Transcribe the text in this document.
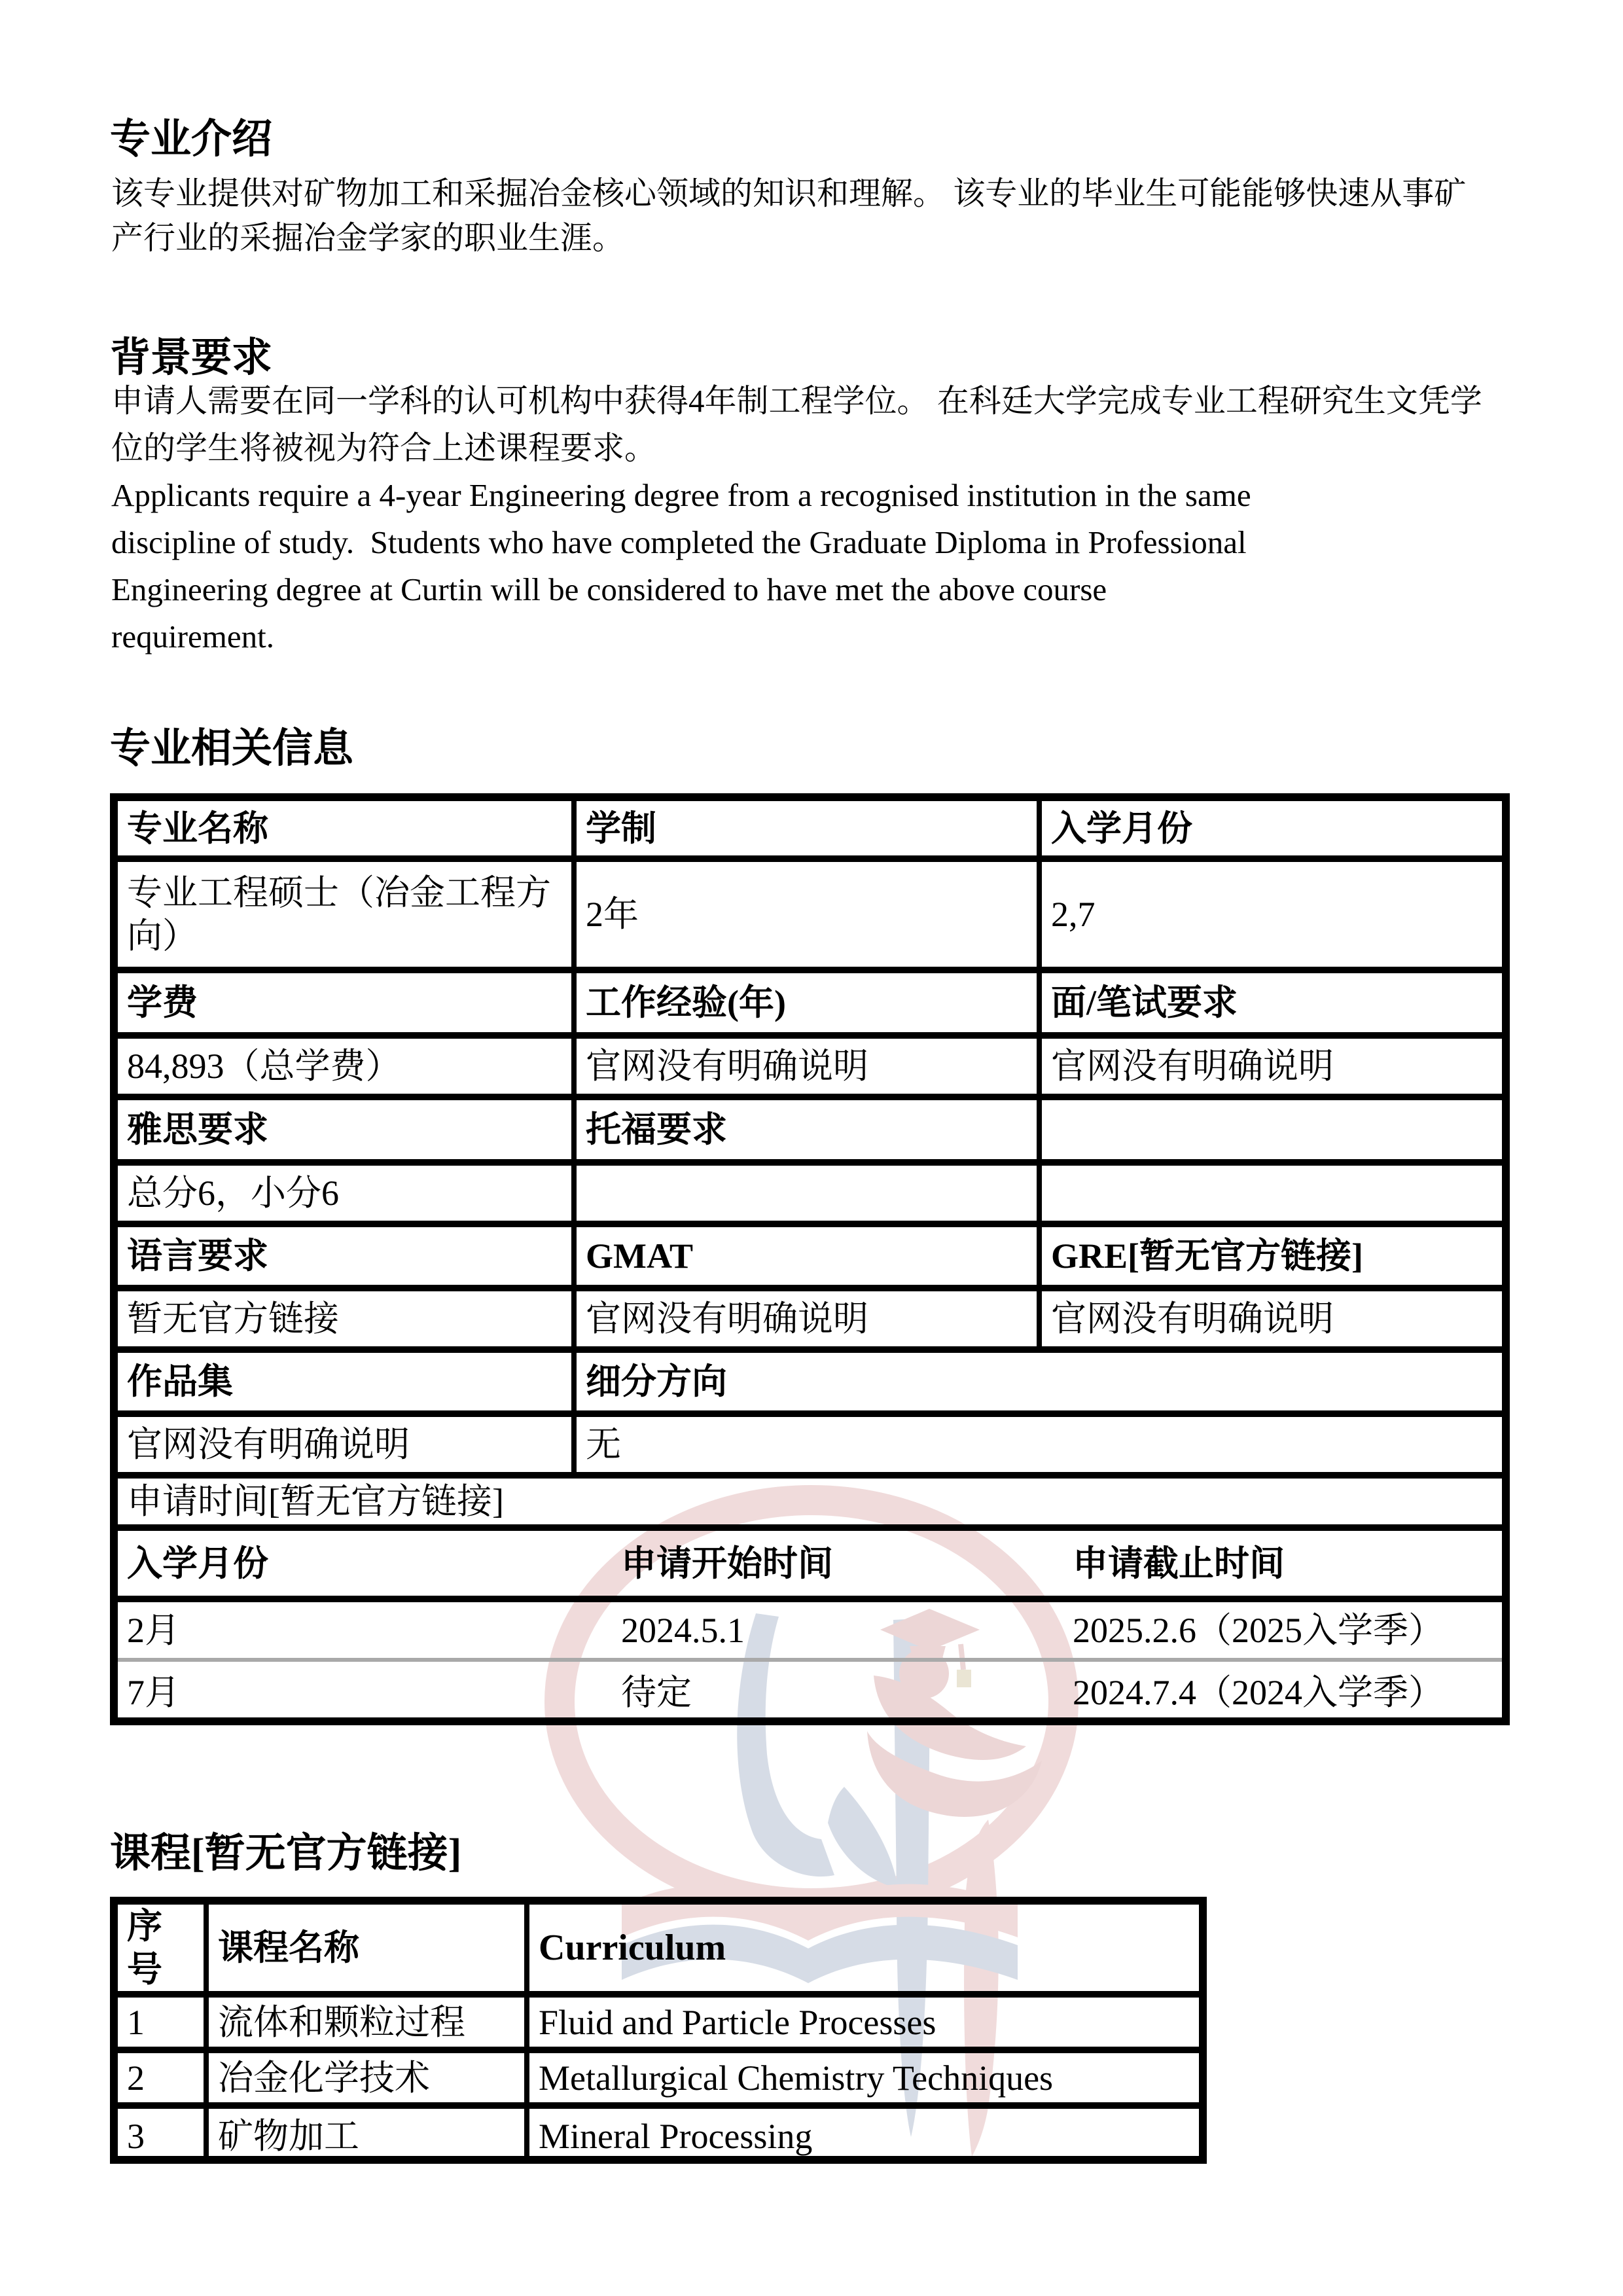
专业介绍
该专业提供对矿物加工和采掘冶金核心领域的知识和理解。 该专业的毕业生可能能够快速从事矿
产行业的采掘冶金学家的职业生涯。
背景要求
申请人需要在同一学科的认可机构中获得4年制工程学位。 在科廷大学完成专业工程研究生文凭学
位的学生将被视为符合上述课程要求。
Applicants require a 4-year Engineering degree from a recognised institution in the same
discipline of study.  Students who have completed the Graduate Diploma in Professional
Engineering degree at Curtin will be considered to have met the above course
requirement.
专业相关信息
专业名称	学制	入学月份
专业工程硕士（冶金工程方向）	2年	2,7
学费	工作经验(年)	面/笔试要求
84,893（总学费）	官网没有明确说明	官网没有明确说明
雅思要求	托福要求	
总分6，小分6		
语言要求	GMAT	GRE[暂无官方链接]
暂无官方链接	官网没有明确说明	官网没有明确说明
作品集	细分方向	
官网没有明确说明	无	
申请时间[暂无官方链接]		
入学月份	申请开始时间	申请截止时间
2月	2024.5.1	2025.2.6（2025入学季）
7月	待定	2024.7.4（2024入学季）
课程[暂无官方链接]
序号	课程名称	Curriculum
1	流体和颗粒过程	Fluid and Particle Processes
2	冶金化学技术	Metallurgical Chemistry Techniques
3	矿物加工	Mineral Processing
